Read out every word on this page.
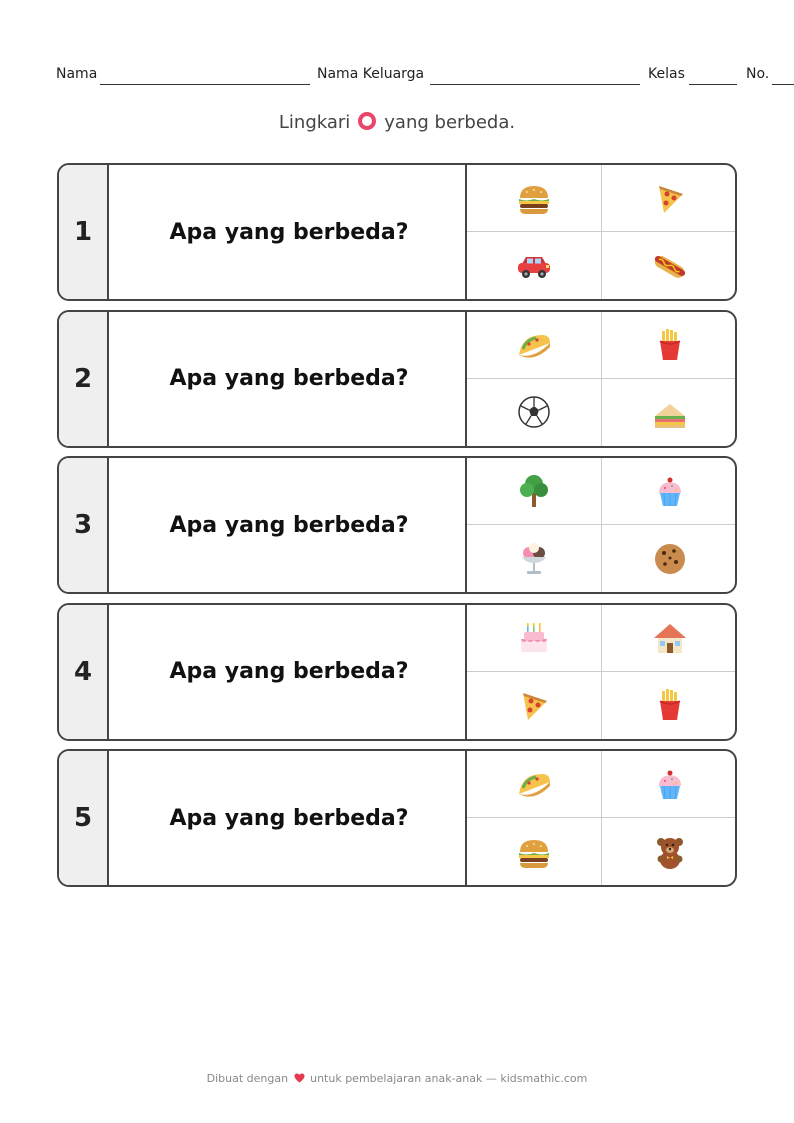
Nama	Nama Keluarga	Kelas	No.
Lingkari yang berbeda.
1	Apa yang berbeda?
2	Apa yang berbeda?
3	Apa yang berbeda?
4	Apa yang berbeda?
5	Apa yang berbeda?
Dibuat dengan untuk pembelajaran anak-anak — kidsmathic.com
